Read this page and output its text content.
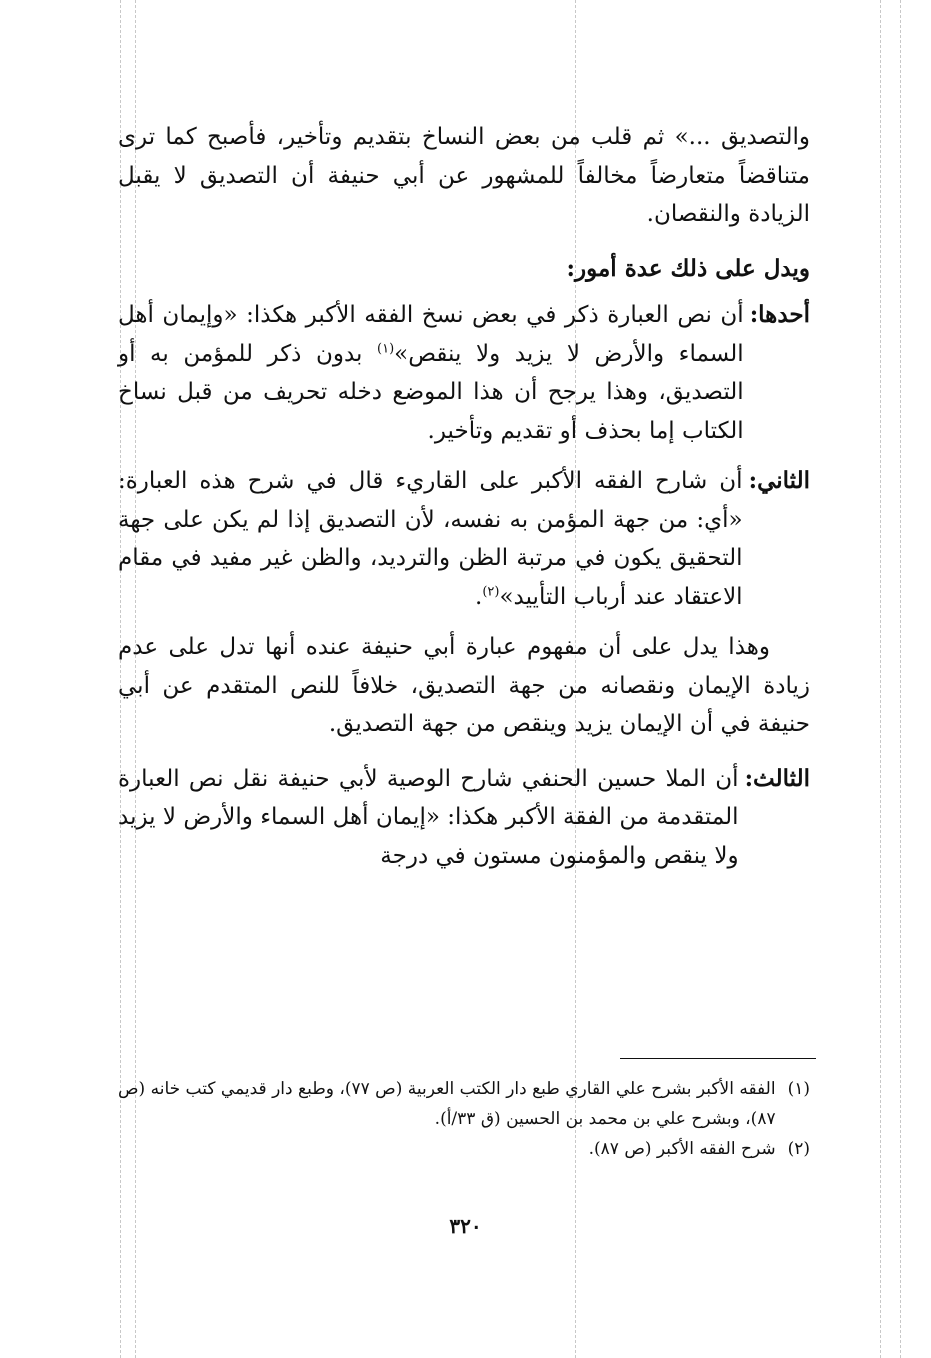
والتصديق ...» ثم قلب من بعض النساخ بتقديم وتأخير، فأصبح كما ترى متناقضاً متعارضاً مخالفاً للمشهور عن أبي حنيفة أن التصديق لا يقبل الزيادة والنقصان.

ويدل على ذلك عدة أمور:

أحدها:
أن نص العبارة ذكر في بعض نسخ الفقه الأكبر هكذا: «وإيمان أهل السماء والأرض لا يزيد ولا ينقص»$^{(١)}$ بدون ذكر للمؤمن به أو التصديق، وهذا يرجح أن هذا الموضع دخله تحريف من قبل نساخ الكتاب إما بحذف أو تقديم وتأخير.
الثاني:
أن شارح الفقه الأكبر على القاريء قال في شرح هذه العبارة: «أي: من جهة المؤمن به نفسه، لأن التصديق إذا لم يكن على جهة التحقيق يكون في مرتبة الظن والترديد، والظن غير مفيد في مقام الاعتقاد عند أرباب التأييد»$^{(٢)}$.

وهذا يدل على أن مفهوم عبارة أبي حنيفة عنده أنها تدل على عدم زيادة الإيمان ونقصانه من جهة التصديق، خلافاً للنص المتقدم عن أبي حنيفة في أن الإيمان يزيد وينقص من جهة التصديق.

الثالث:
أن الملا حسين الحنفي شارح الوصية لأبي حنيفة نقل نص العبارة المتقدمة من الفقة الأكبر هكذا: «إيمان أهل السماء والأرض لا يزيد ولا ينقص والمؤمنون مستون في درجة
(١)
الفقه الأكبر بشرح علي القاري طبع دار الكتب العربية (ص ٧٧)، وطبع دار قديمي كتب خانه (ص ٨٧)، وبشرح علي بن محمد بن الحسين (ق ٣٣/أ).
(٢)
شرح الفقه الأكبر (ص ٨٧).
٣٢٠
